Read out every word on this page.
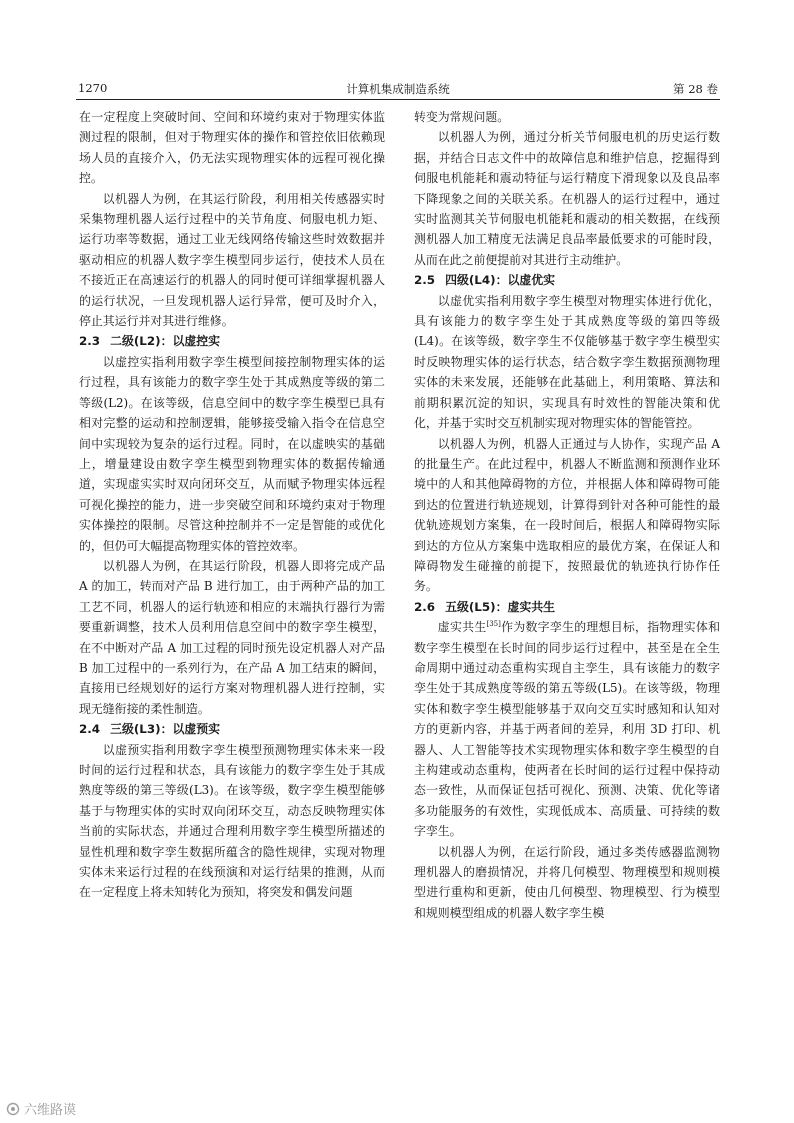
1270	计算机集成制造系统	第 28 卷

在一定程度上突破时间、空间和环境约束对于物理实体监测过程的限制，但对于物理实体的操作和管控依旧依赖现场人员的直接介入，仍无法实现物理实体的远程可视化操控。

以机器人为例，在其运行阶段，利用相关传感器实时采集物理机器人运行过程中的关节角度、伺服电机力矩、运行功率等数据，通过工业无线网络传输这些时效数据并驱动相应的机器人数字孪生模型同步运行，使技术人员在不接近正在高速运行的机器人的同时便可详细掌握机器人的运行状况，一旦发现机器人运行异常，便可及时介入，停止其运行并对其进行维修。

2.3 二级(L2)：以虚控实

以虚控实指利用数字孪生模型间接控制物理实体的运行过程，具有该能力的数字孪生处于其成熟度等级的第二等级(L2)。在该等级，信息空间中的数字孪生模型已具有相对完整的运动和控制逻辑，能够接受输入指令在信息空间中实现较为复杂的运行过程。同时，在以虚映实的基础上，增量建设由数字孪生模型到物理实体的数据传输通道，实现虚实实时双向闭环交互，从而赋予物理实体远程可视化操控的能力，进一步突破空间和环境约束对于物理实体操控的限制。尽管这种控制并不一定是智能的或优化的，但仍可大幅提高物理实体的管控效率。

以机器人为例，在其运行阶段，机器人即将完成产品 A 的加工，转而对产品 B 进行加工，由于两种产品的加工工艺不同，机器人的运行轨迹和相应的末端执行器行为需要重新调整，技术人员利用信息空间中的数字孪生模型，在不中断对产品 A 加工过程的同时预先设定机器人对产品 B 加工过程中的一系列行为，在产品 A 加工结束的瞬间，直接用已经规划好的运行方案对物理机器人进行控制，实现无缝衔接的柔性制造。

2.4 三级(L3)：以虚预实

以虚预实指利用数字孪生模型预测物理实体未来一段时间的运行过程和状态，具有该能力的数字孪生处于其成熟度等级的第三等级(L3)。在该等级，数字孪生模型能够基于与物理实体的实时双向闭环交互，动态反映物理实体当前的实际状态，并通过合理利用数字孪生模型所描述的显性机理和数字孪生数据所蕴含的隐性规律，实现对物理实体未来运行过程的在线预演和对运行结果的推测，从而在一定程度上将未知转化为预知，将突发和偶发问题

转变为常规问题。

以机器人为例，通过分析关节伺服电机的历史运行数据，并结合日志文件中的故障信息和维护信息，挖掘得到伺服电机能耗和震动特征与运行精度下滑现象以及良品率下降现象之间的关联关系。在机器人的运行过程中，通过实时监测其关节伺服电机能耗和震动的相关数据，在线预测机器人加工精度无法满足良品率最低要求的可能时段，从而在此之前便提前对其进行主动维护。

2.5 四级(L4)：以虚优实

以虚优实指利用数字孪生模型对物理实体进行优化，具有该能力的数字孪生处于其成熟度等级的第四等级(L4)。在该等级，数字孪生不仅能够基于数字孪生模型实时反映物理实体的运行状态，结合数字孪生数据预测物理实体的未来发展，还能够在此基础上，利用策略、算法和前期积累沉淀的知识，实现具有时效性的智能决策和优化，并基于实时交互机制实现对物理实体的智能管控。

以机器人为例，机器人正通过与人协作，实现产品 A 的批量生产。在此过程中，机器人不断监测和预测作业环境中的人和其他障碍物的方位，并根据人体和障碍物可能到达的位置进行轨迹规划，计算得到针对各种可能性的最优轨迹规划方案集，在一段时间后，根据人和障碍物实际到达的方位从方案集中选取相应的最优方案，在保证人和障碍物发生碰撞的前提下，按照最优的轨迹执行协作任务。

2.6 五级(L5)：虚实共生

虚实共生[35]作为数字孪生的理想目标，指物理实体和数字孪生模型在长时间的同步运行过程中，甚至是在全生命周期中通过动态重构实现自主孪生，具有该能力的数字孪生处于其成熟度等级的第五等级(L5)。在该等级，物理实体和数字孪生模型能够基于双向交互实时感知和认知对方的更新内容，并基于两者间的差异，利用 3D 打印、机器人、人工智能等技术实现物理实体和数字孪生模型的自主构建或动态重构，使两者在长时间的运行过程中保持动态一致性，从而保证包括可视化、预测、决策、优化等诸多功能服务的有效性，实现低成本、高质量、可持续的数字孪生。

以机器人为例，在运行阶段，通过多类传感器监测物理机器人的磨损情况，并将几何模型、物理模型和规则模型进行重构和更新，使由几何模型、物理模型、行为模型和规则模型组成的机器人数字孪生模

六维路谟
